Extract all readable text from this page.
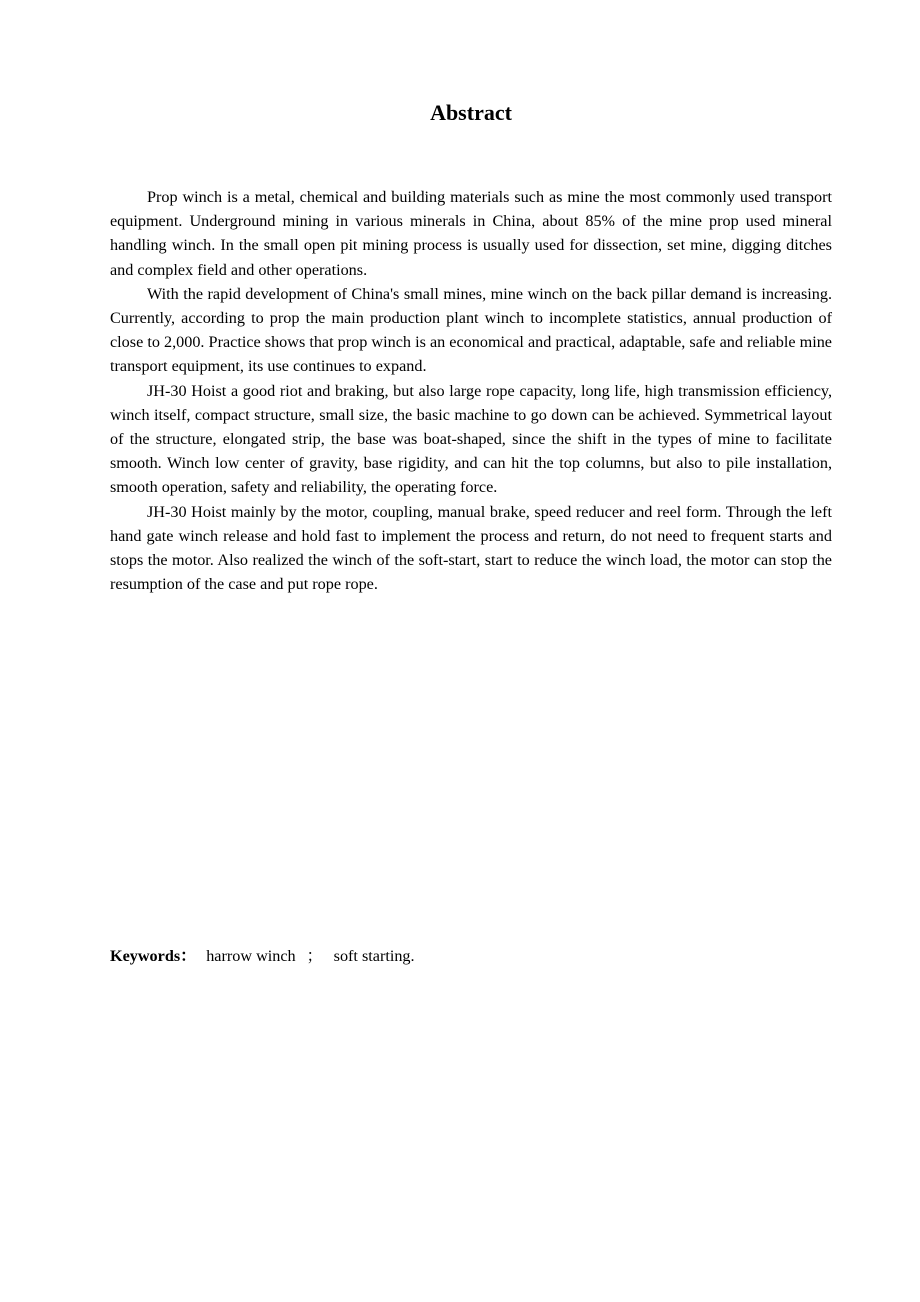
Abstract

Prop winch is a metal, chemical and building materials such as mine the most commonly used transport equipment. Underground mining in various minerals in China, about 85% of the mine prop used mineral handling winch. In the small open pit mining process is usually used for dissection, set mine, digging ditches and complex field and other operations.

With the rapid development of China's small mines, mine winch on the back pillar demand is increasing. Currently, according to prop the main production plant winch to incomplete statistics, annual production of close to 2,000. Practice shows that prop winch is an economical and practical, adaptable, safe and reliable mine transport equipment, its use continues to expand.

JH-30 Hoist a good riot and braking, but also large rope capacity, long life, high transmission efficiency, winch itself, compact structure, small size, the basic machine to go down can be achieved. Symmetrical layout of the structure, elongated strip, the base was boat-shaped, since the shift in the types of mine to facilitate smooth. Winch low center of gravity, base rigidity, and can hit the top columns, but also to pile installation, smooth operation, safety and reliability, the operating force.

JH-30 Hoist mainly by the motor, coupling, manual brake, speed reducer and reel form. Through the left hand gate winch release and hold fast to implement the process and return, do not need to frequent starts and stops the motor. Also realized the winch of the soft-start, start to reduce the winch load, the motor can stop the resumption of the case and put rope rope.

Keywords： harrow winch ； soft starting.
